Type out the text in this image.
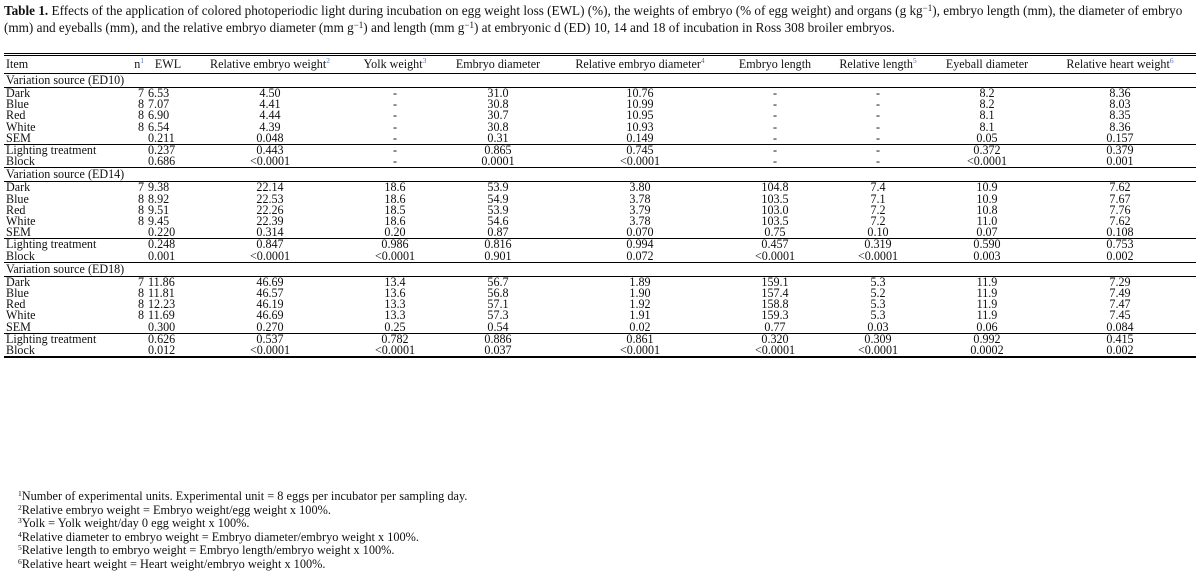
Table 1. Effects of the application of colored photoperiodic light during incubation on egg weight loss (EWL) (%), the weights of embryo (% of egg weight) and organs (g $kg^{-1}$), embryo length (mm), the diameter of embryo (mm) and eyeballs (mm), and the relative embryo diameter (mm $g^{-1}$) and length (mm $g^{-1}$) at embryonic d (ED) 10, 14 and 18 of incubation in Ross 308 broiler embryos.
Item	$n^1$	EWL	Relative embryo weight$^2$	Yolk weight$^3$	Embryo diameter	Relative embryo diameter$^4$	Embryo length	Relative length$^5$	Eyeball diameter	Relative heart weight$^6$
Variation source (ED10)										
Dark	7	6.53	4.50	-	31.0	10.76	-	-	8.2	8.36
Blue	8	7.07	4.41	-	30.8	10.99	-	-	8.2	8.03
Red	8	6.90	4.44	-	30.7	10.95	-	-	8.1	8.35
White	8	6.54	4.39	-	30.8	10.93	-	-	8.1	8.36
SEM		0.211	0.048	-	0.31	0.149	-	-	0.05	0.157
Lighting treatment		0.237	0.443	-	0.865	0.745	-	-	0.372	0.379
Block		0.686	<0.0001	-	0.0001	<0.0001	-	-	<0.0001	0.001
Variation source (ED14)										
Dark	7	9.38	22.14	18.6	53.9	3.80	104.8	7.4	10.9	7.62
Blue	8	8.92	22.53	18.6	54.9	3.78	103.5	7.1	10.9	7.67
Red	8	9.51	22.26	18.5	53.9	3.79	103.0	7.2	10.8	7.76
White	8	9.45	22.39	18.6	54.6	3.78	103.5	7.2	11.0	7.62
SEM		0.220	0.314	0.20	0.87	0.070	0.75	0.10	0.07	0.108
Lighting treatment		0.248	0.847	0.986	0.816	0.994	0.457	0.319	0.590	0.753
Block		0.001	<0.0001	<0.0001	0.901	0.072	<0.0001	<0.0001	0.003	0.002
Variation source (ED18)										
Dark	7	11.86	46.69	13.4	56.7	1.89	159.1	5.3	11.9	7.29
Blue	8	11.81	46.57	13.6	56.8	1.90	157.4	5.2	11.9	7.49
Red	8	12.23	46.19	13.3	57.1	1.92	158.8	5.3	11.9	7.47
White	8	11.69	46.69	13.3	57.3	1.91	159.3	5.3	11.9	7.45
SEM		0.300	0.270	0.25	0.54	0.02	0.77	0.03	0.06	0.084
Lighting treatment		0.626	0.537	0.782	0.886	0.861	0.320	0.309	0.992	0.415
Block		0.012	<0.0001	<0.0001	0.037	<0.0001	<0.0001	<0.0001	0.0002	0.002
$^1$Number of experimental units. Experimental unit = 8 eggs per incubator per sampling day.
$^2$Relative embryo weight = Embryo weight/egg weight x 100%.
$^3$Yolk = Yolk weight/day 0 egg weight x 100%.
$^4$Relative diameter to embryo weight = Embryo diameter/embryo weight x 100%.
$^5$Relative length to embryo weight = Embryo length/embryo weight x 100%.
$^6$Relative heart weight = Heart weight/embryo weight x 100%.
